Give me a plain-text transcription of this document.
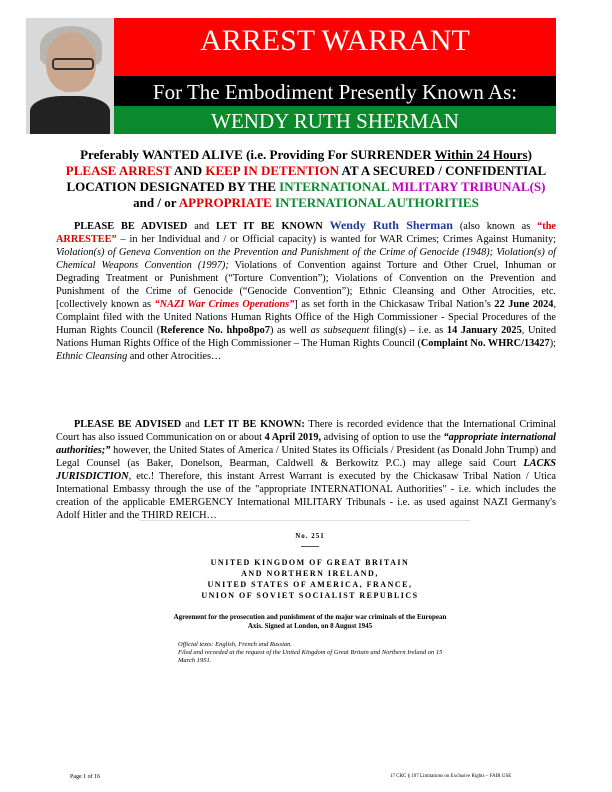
ARREST WARRANT
For The Embodiment Presently Known As:
WENDY RUTH SHERMAN
Preferably WANTED ALIVE (i.e. Providing For SURRENDER Within 24 Hours)
PLEASE ARREST AND KEEP IN DETENTION AT A SECURED / CONFIDENTIAL
LOCATION DESIGNATED BY THE INTERNATIONAL MILITARY TRIBUNAL(S)
and / or APPROPRIATE INTERNATIONAL AUTHORITIES
PLEASE BE ADVISED and LET IT BE KNOWN Wendy Ruth Sherman (also known as “the ARRESTEE” – in her Individual and / or Official capacity) is wanted for WAR Crimes; Crimes Against Humanity; Violation(s) of Geneva Convention on the Prevention and Punishment of the Crime of Genocide (1948); Violation(s) of Chemical Weapons Convention (1997); Violations of Convention against Torture and Other Cruel, Inhuman or Degrading Treatment or Punishment (“Torture Convention”); Violations of Convention on the Prevention and Punishment of the Crime of Genocide (“Genocide Convention”); Ethnic Cleansing and Other Atrocities, etc. [collectively known as “NAZI War Crimes Operations”] as set forth in the Chickasaw Tribal Nation’s 22 June 2024, Complaint filed with the United Nations Human Rights Office of the High Commissioner - Special Procedures of the Human Rights Council (Reference No. hhpo8po7) as well as subsequent filing(s) – i.e. as 14 January 2025, United Nations Human Rights Office of the High Commissioner – The Human Rights Council (Complaint No. WHRC/13427); Ethnic Cleansing and other Atrocities…
PLEASE BE ADVISED and LET IT BE KNOWN: There is recorded evidence that the International Criminal Court has also issued Communication on or about 4 April 2019, advising of option to use the “appropriate international authorities;” however, the United States of America / United States its Officials / President (as Donald John Trump) and Legal Counsel (as Baker, Donelson, Bearman, Caldwell & Berkowitz P.C.) may allege said Court LACKS JURISDICTION, etc.! Therefore, this instant Arrest Warrant is executed by the Chickasaw Tribal Nation / Utica International Embassy through the use of the "appropriate INTERNATIONAL Authorities" - i.e. which includes the creation of the applicable EMERGENCY International MILITARY Tribunals - i.e. as used against NAZI Germany's Adolf Hitler and the THIRD REICH…
No. 251
UNITED KINGDOM OF GREAT BRITAIN
AND NORTHERN IRELAND,
UNITED STATES OF AMERICA, FRANCE,
UNION OF SOVIET SOCIALIST REPUBLICS
Agreement for the prosecution and punishment of the major war criminals of the European Axis. Signed at London, on 8 August 1945
Official texts: English, French and Russian.
Filed and recorded at the request of the United Kingdom of Great Britain and Northern Ireland on 15 March 1951.
Page 1 of 16	17 CRC § 107 Limitations on Exclusive Rights – FAIR USE
